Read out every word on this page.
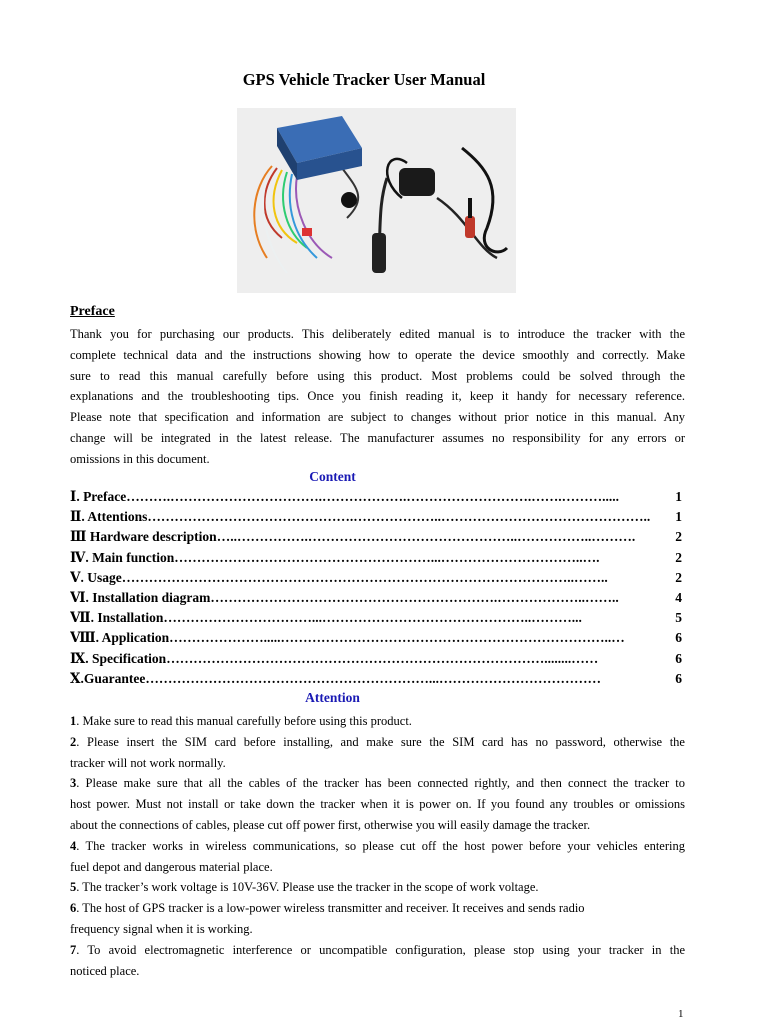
GPS Vehicle Tracker User Manual
Preface
Thank you for purchasing our products. This deliberately edited manual is to introduce the tracker with the
complete technical data and the instructions showing how to operate the device smoothly and correctly. Make
sure to read this manual carefully before using this product. Most problems could be solved through the
explanations and the troubleshooting tips. Once you finish reading it, keep it handy for necessary reference.
Please note that specification and information are subject to changes without prior notice in this manual. Any
change will be integrated in the latest release. The manufacturer assumes no responsibility for any errors or
omissions in this document.
Content
Ⅰ. Preface ……….…………………………….……………….……………………….…….……….....	1
Ⅱ. Attentions ……………………………………….………………..………………………………………..	1
Ⅲ Hardware description …..…………….………………………………………..……………..……….	2
Ⅳ. Main function …………………………………………………...…………………………..….	2
Ⅴ. Usage ………………………………………………………………………………………..……..	2
Ⅵ. Installation diagram ……………………………………………………….………………..……..	4
Ⅶ. Installation ……………………………...………………………………………..………...	5
Ⅷ. Application ………………….....………………………………………………………………..…	6
Ⅸ. Specification …………………………………………………………………………........……	6
Ⅹ.Guarantee ………………………………………………………...………………………………	6
Attention
1. Make sure to read this manual carefully before using this product.
2. Please insert the SIM card before installing, and make sure the SIM card has no password, otherwise the
tracker will not work normally.
3. Please make sure that all the cables of the tracker has been connected rightly, and then connect the tracker to
host power. Must not install or take down the tracker when it is power on. If you found any troubles or omissions
about the connections of cables, please cut off power first, otherwise you will easily damage the tracker.
4. The tracker works in wireless communications, so please cut off the host power before your vehicles entering
fuel depot and dangerous material place.
5. The tracker’s work voltage is 10V-36V. Please use the tracker in the scope of work voltage.
6. The host of GPS tracker is a low-power wireless transmitter and receiver. It receives and sends radio
frequency signal when it is working.
7. To avoid electromagnetic interference or uncompatible configuration, please stop using your tracker in the
noticed place.
1
